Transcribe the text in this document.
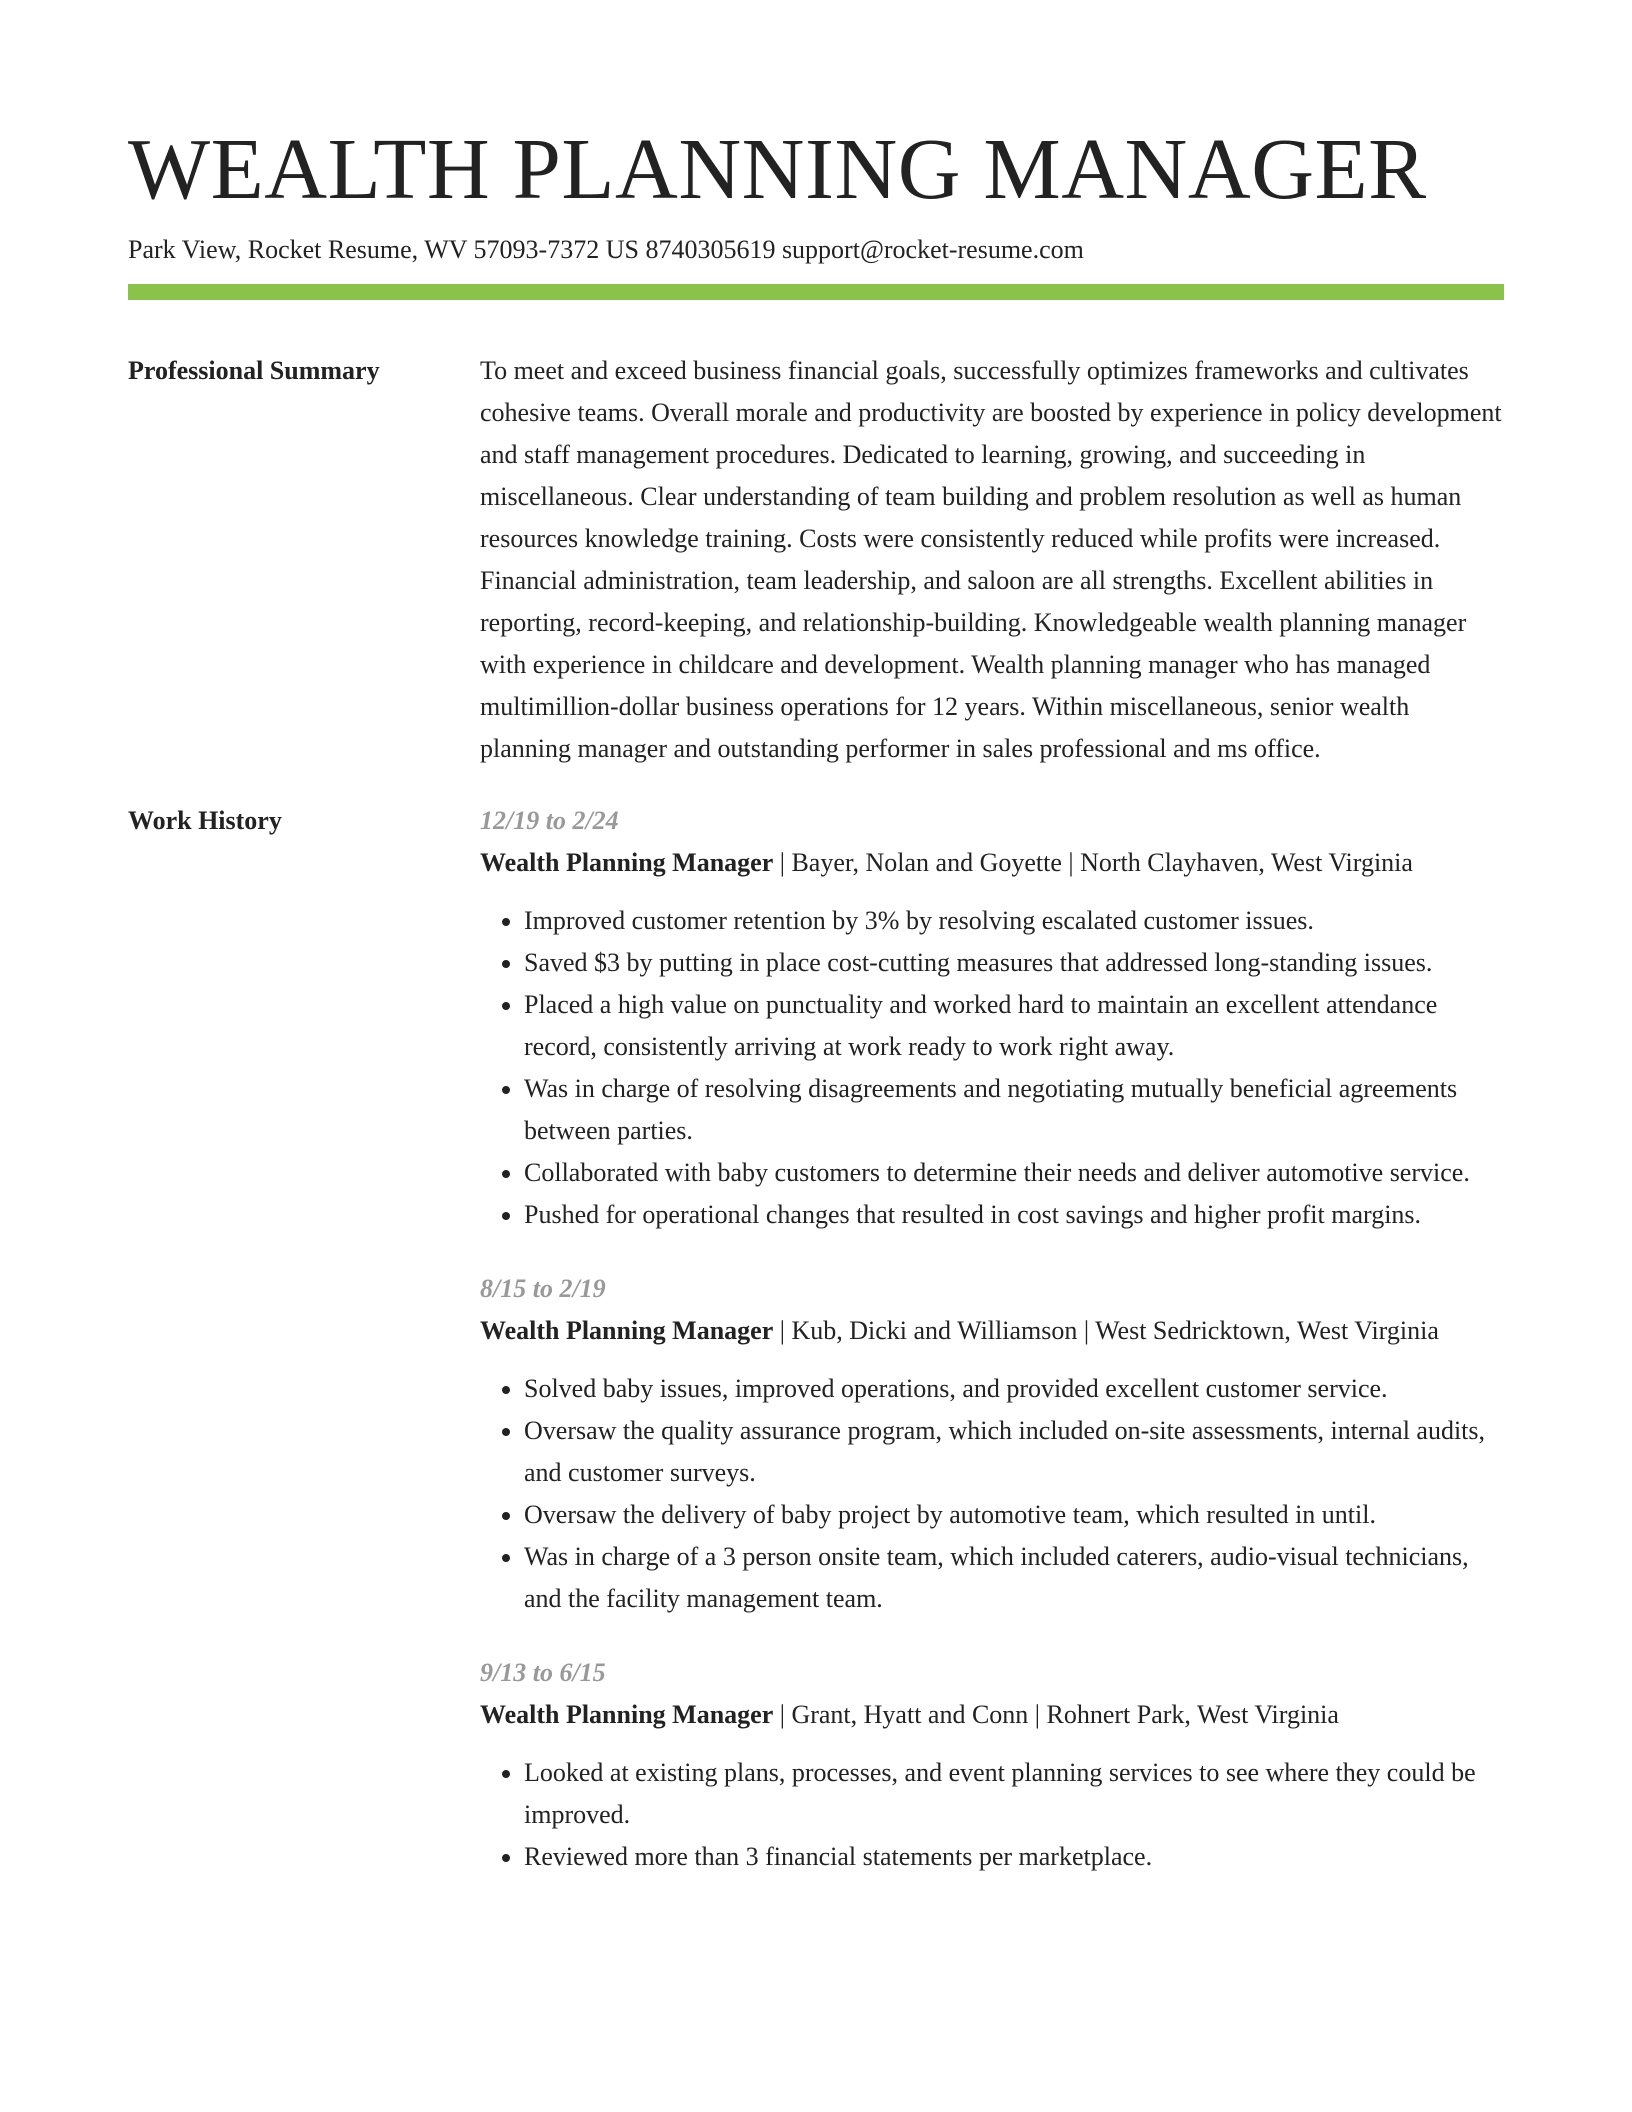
WEALTH PLANNING MANAGER
Park View, Rocket Resume, WV 57093-7372 US 8740305619 support@rocket-resume.com
Professional Summary	To meet and exceed business financial goals, successfully optimizes frameworks and cultivates cohesive teams. Overall morale and productivity are boosted by experience in policy development and staff management procedures. Dedicated to learning, growing, and succeeding in miscellaneous. Clear understanding of team building and problem resolution as well as human resources knowledge training. Costs were consistently reduced while profits were increased. Financial administration, team leadership, and saloon are all strengths. Excellent abilities in reporting, record-keeping, and relationship-building. Knowledgeable wealth planning manager with experience in childcare and development. Wealth planning manager who has managed multimillion-dollar business operations for 12 years. Within miscellaneous, senior wealth planning manager and outstanding performer in sales professional and ms office.

Work History	12/19 to 2/24

Wealth Planning Manager | Bayer, Nolan and Goyette | North Clayhaven, West Virginia

• Improved customer retention by 3% by resolving escalated customer issues.
• Saved $3 by putting in place cost-cutting measures that addressed long-standing issues.
• Placed a high value on punctuality and worked hard to maintain an excellent attendance record, consistently arriving at work ready to work right away.
• Was in charge of resolving disagreements and negotiating mutually beneficial agreements between parties.
• Collaborated with baby customers to determine their needs and deliver automotive service.
• Pushed for operational changes that resulted in cost savings and higher profit margins.
8/15 to 2/19

Wealth Planning Manager | Kub, Dicki and Williamson | West Sedricktown, West Virginia

• Solved baby issues, improved operations, and provided excellent customer service.
• Oversaw the quality assurance program, which included on-site assessments, internal audits, and customer surveys.
• Oversaw the delivery of baby project by automotive team, which resulted in until.
• Was in charge of a 3 person onsite team, which included caterers, audio-visual technicians, and the facility management team.
9/13 to 6/15

Wealth Planning Manager | Grant, Hyatt and Conn | Rohnert Park, West Virginia

• Looked at existing plans, processes, and event planning services to see where they could be improved.
• Reviewed more than 3 financial statements per marketplace.
